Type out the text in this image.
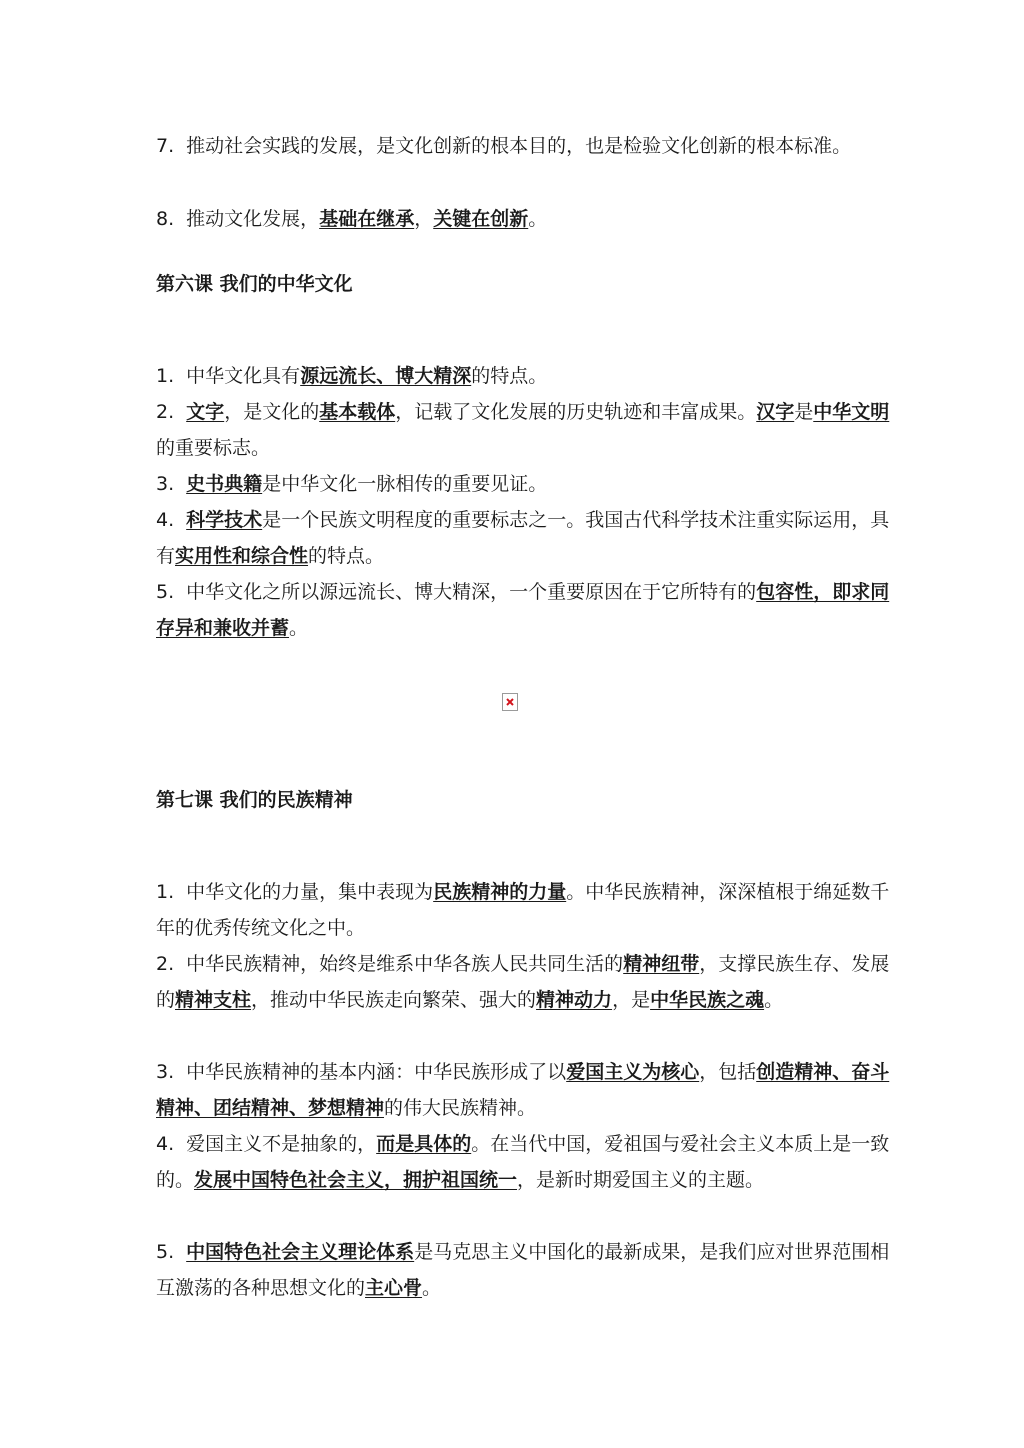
7. 推动社会实践的发展，是文化创新的根本目的，也是检验文化创新的根本标准。

8. 推动文化发展，基础在继承，关键在创新。

第六课 我们的中华文化

1. 中华文化具有源远流长、博大精深的特点。

2. 文字，是文化的基本载体，记载了文化发展的历史轨迹和丰富成果。汉字是中华文明的重要标志。

3. 史书典籍是中华文化一脉相传的重要见证。

4. 科学技术是一个民族文明程度的重要标志之一。我国古代科学技术注重实际运用，具有实用性和综合性的特点。

5. 中华文化之所以源远流长、博大精深，一个重要原因在于它所特有的包容性，即求同存异和兼收并蓄。

第七课 我们的民族精神

1. 中华文化的力量，集中表现为民族精神的力量。中华民族精神，深深植根于绵延数千年的优秀传统文化之中。

2. 中华民族精神，始终是维系中华各族人民共同生活的精神纽带，支撑民族生存、发展的精神支柱，推动中华民族走向繁荣、强大的精神动力，是中华民族之魂。

3. 中华民族精神的基本内涵：中华民族形成了以爱国主义为核心，包括创造精神、奋斗精神、团结精神、梦想精神的伟大民族精神。

4. 爱国主义不是抽象的，而是具体的。在当代中国，爱祖国与爱社会主义本质上是一致的。发展中国特色社会主义，拥护祖国统一，是新时期爱国主义的主题。

5. 中国特色社会主义理论体系是马克思主义中国化的最新成果，是我们应对世界范围相互激荡的各种思想文化的主心骨。
